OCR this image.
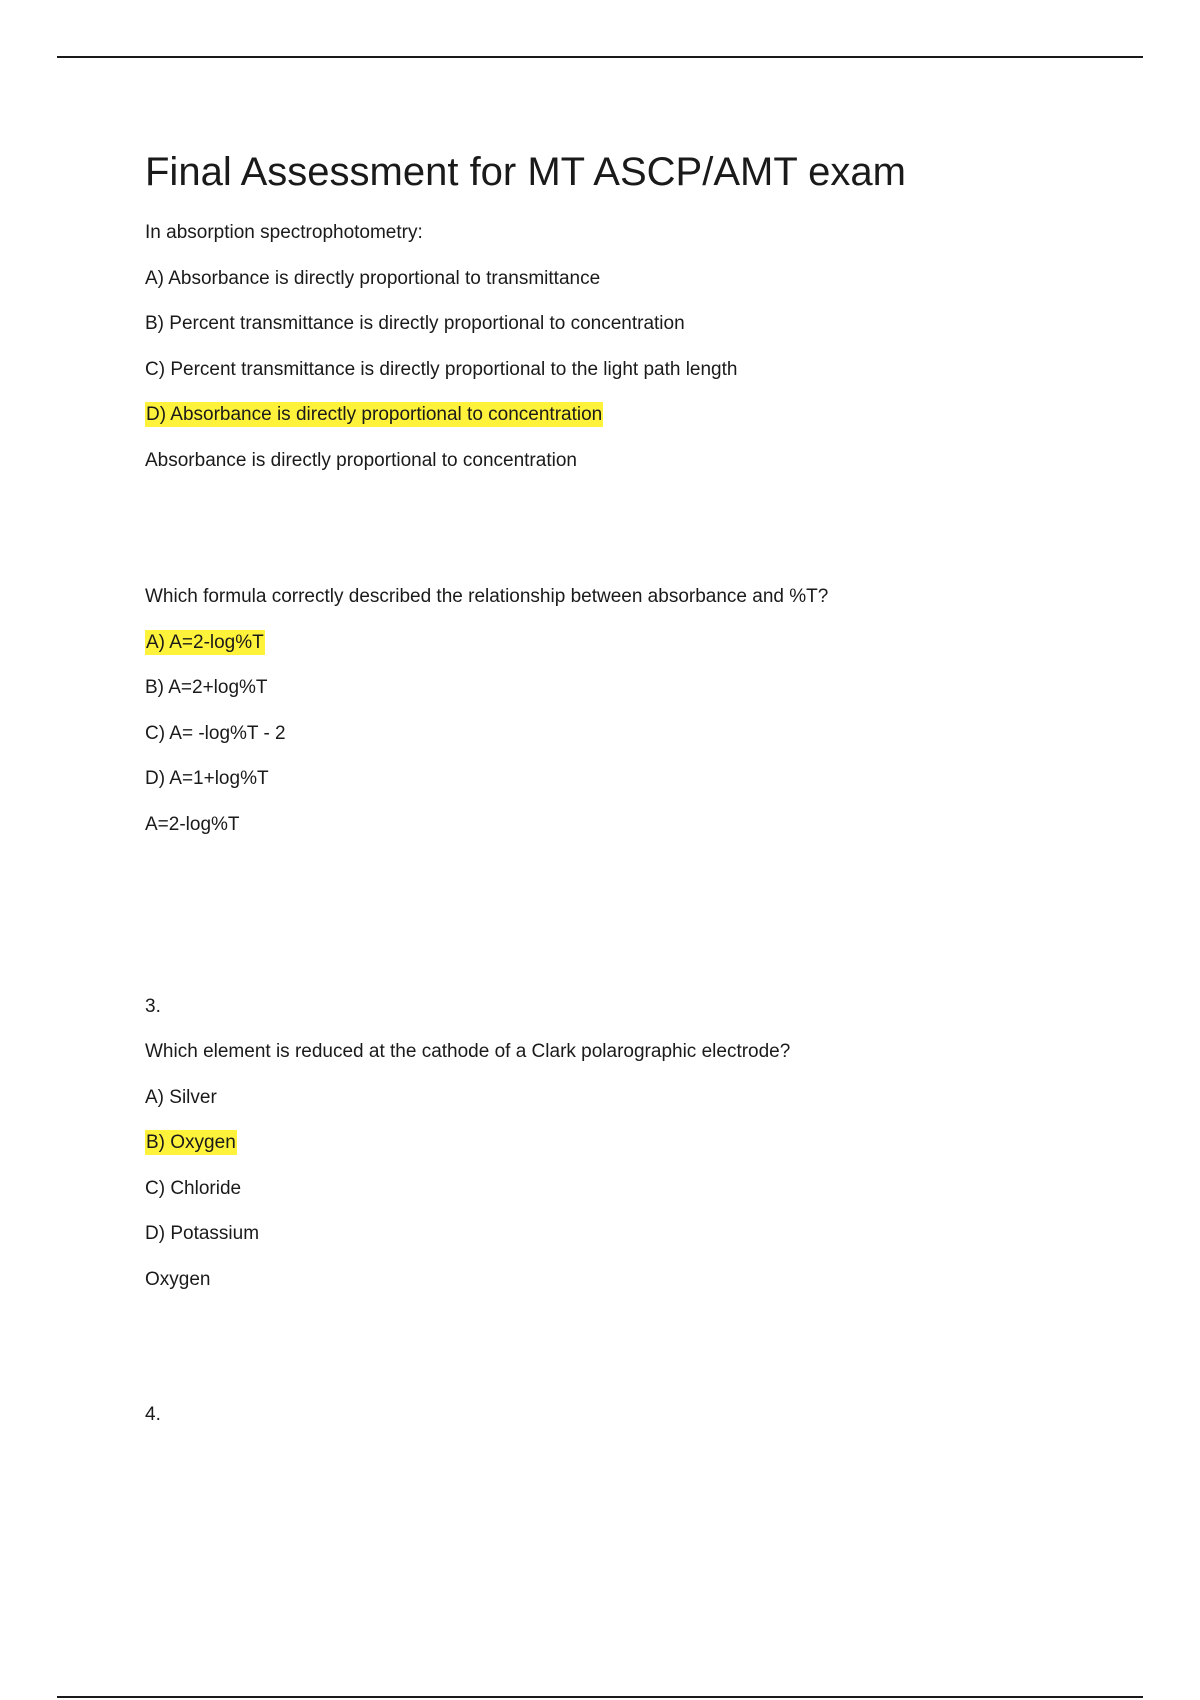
Final Assessment for MT ASCP/AMT exam
In absorption spectrophotometry:
A) Absorbance is directly proportional to transmittance
B) Percent transmittance is directly proportional to concentration
C) Percent transmittance is directly proportional to the light path length
D) Absorbance is directly proportional to concentration
Absorbance is directly proportional to concentration
Which formula correctly described the relationship between absorbance and %T?
A) A=2-log%T
B) A=2+log%T
C) A= -log%T - 2
D) A=1+log%T
A=2-log%T
3.
Which element is reduced at the cathode of a Clark polarographic electrode?
A) Silver
B) Oxygen
C) Chloride
D) Potassium
Oxygen
4.
